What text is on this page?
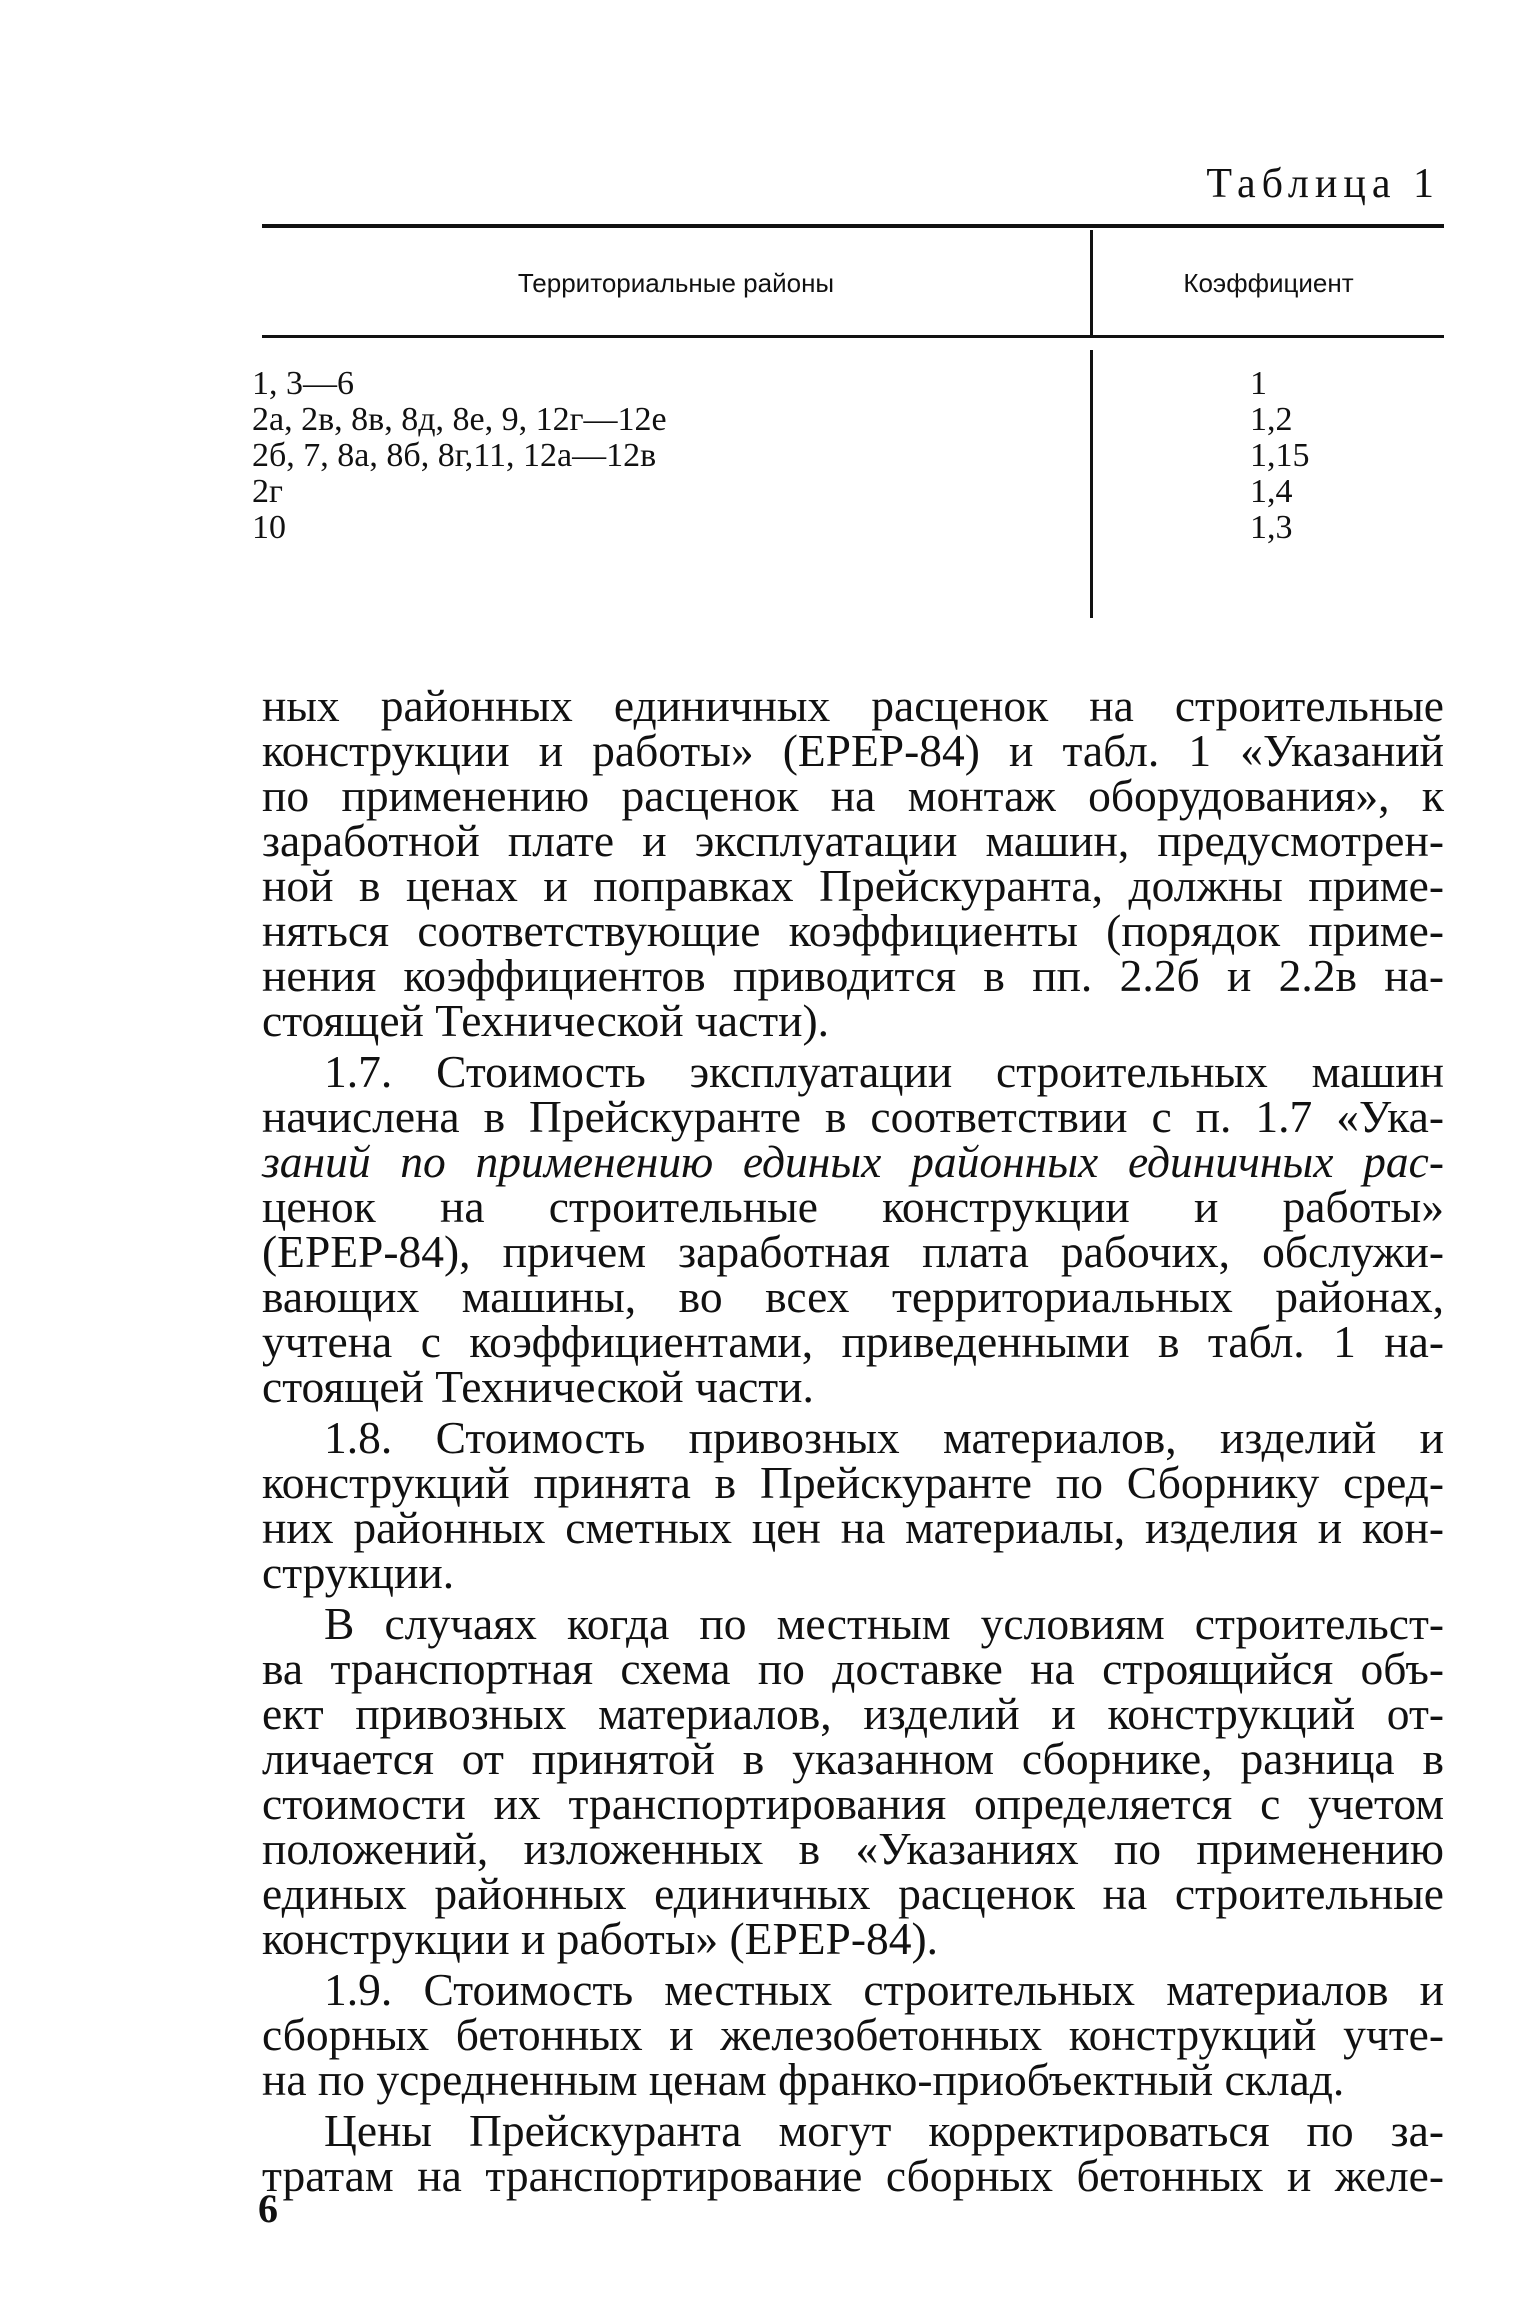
Таблица 1
Территориальные районы	Коэффициент
1, 3—6
2а, 2в, 8в, 8д, 8е, 9, 12г—12е
2б, 7, 8а, 8б, 8г,11, 12а—12в
2г
10
1
1,2
1,15
1,4
1,3
ных районных единичных расценок на строительные
конструкции и работы» (ЕРЕР-84) и табл. 1 «Указаний
по применению расценок на монтаж оборудования», к
заработной плате и эксплуатации машин, предусмотрен-
ной в ценах и поправках Прейскуранта, должны приме-
няться соответствующие коэффициенты (порядок приме-
нения коэффициентов приводится в пп. 2.2б и 2.2в на-
стоящей Технической части).
1.7. Стоимость эксплуатации строительных машин
начислена в Прейскуранте в соответствии с п. 1.7 «Ука-
заний по применению единых районных единичных рас-
ценок на строительные конструкции и работы»
(ЕРЕР-84), причем заработная плата рабочих, обслужи-
вающих машины, во всех территориальных районах,
учтена с коэффициентами, приведенными в табл. 1 на-
стоящей Технической части.
1.8. Стоимость привозных материалов, изделий и
конструкций принята в Прейскуранте по Сборнику сред-
них районных сметных цен на материалы, изделия и кон-
струкции.
В случаях когда по местным условиям строительст-
ва транспортная схема по доставке на строящийся объ-
ект привозных материалов, изделий и конструкций от-
личается от принятой в указанном сборнике, разница в
стоимости их транспортирования определяется с учетом
положений, изложенных в «Указаниях по применению
единых районных единичных расценок на строительные
конструкции и работы» (ЕРЕР-84).
1.9. Стоимость местных строительных материалов и
сборных бетонных и железобетонных конструкций учте-
на по усредненным ценам франко-приобъектный склад.
Цены Прейскуранта могут корректироваться по за-
тратам на транспортирование сборных бетонных и желе-
6
